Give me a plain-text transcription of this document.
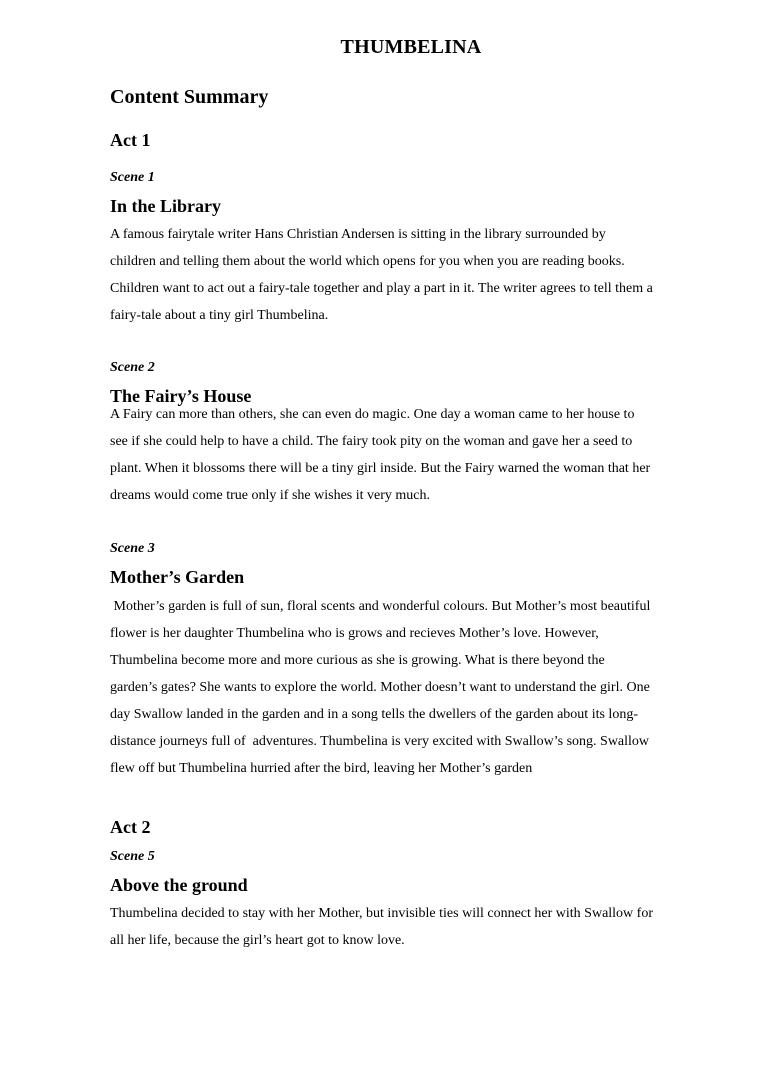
THUMBELINA
Content Summary
Act 1

Scene 1

In the Library

A famous fairytale writer Hans Christian Andersen is sitting in the library surrounded by

children and telling them about the world which opens for you when you are reading books.

Children want to act out a fairy-tale together and play a part in it. The writer agrees to tell them a

fairy-tale about a tiny girl Thumbelina.

Scene 2

The Fairy’s House

A Fairy can more than others, she can even do magic. One day a woman came to her house to

see if she could help to have a child. The fairy took pity on the woman and gave her a seed to

plant. When it blossoms there will be a tiny girl inside. But the Fairy warned the woman that her

dreams would come true only if she wishes it very much.

Scene 3

Mother’s Garden

Mother’s garden is full of sun, floral scents and wonderful colours. But Mother’s most beautiful

flower is her daughter Thumbelina who is grows and recieves Mother’s love. However,

Thumbelina become more and more curious as she is growing. What is there beyond the

garden’s gates? She wants to explore the world. Mother doesn’t want to understand the girl. One

day Swallow landed in the garden and in a song tells the dwellers of the garden about its long-

distance journeys full of  adventures. Thumbelina is very excited with Swallow’s song. Swallow

flew off but Thumbelina hurried after the bird, leaving her Mother’s garden

Act 2

Scene 5

Above the ground

Thumbelina decided to stay with her Mother, but invisible ties will connect her with Swallow for

all her life, because the girl’s heart got to know love.
